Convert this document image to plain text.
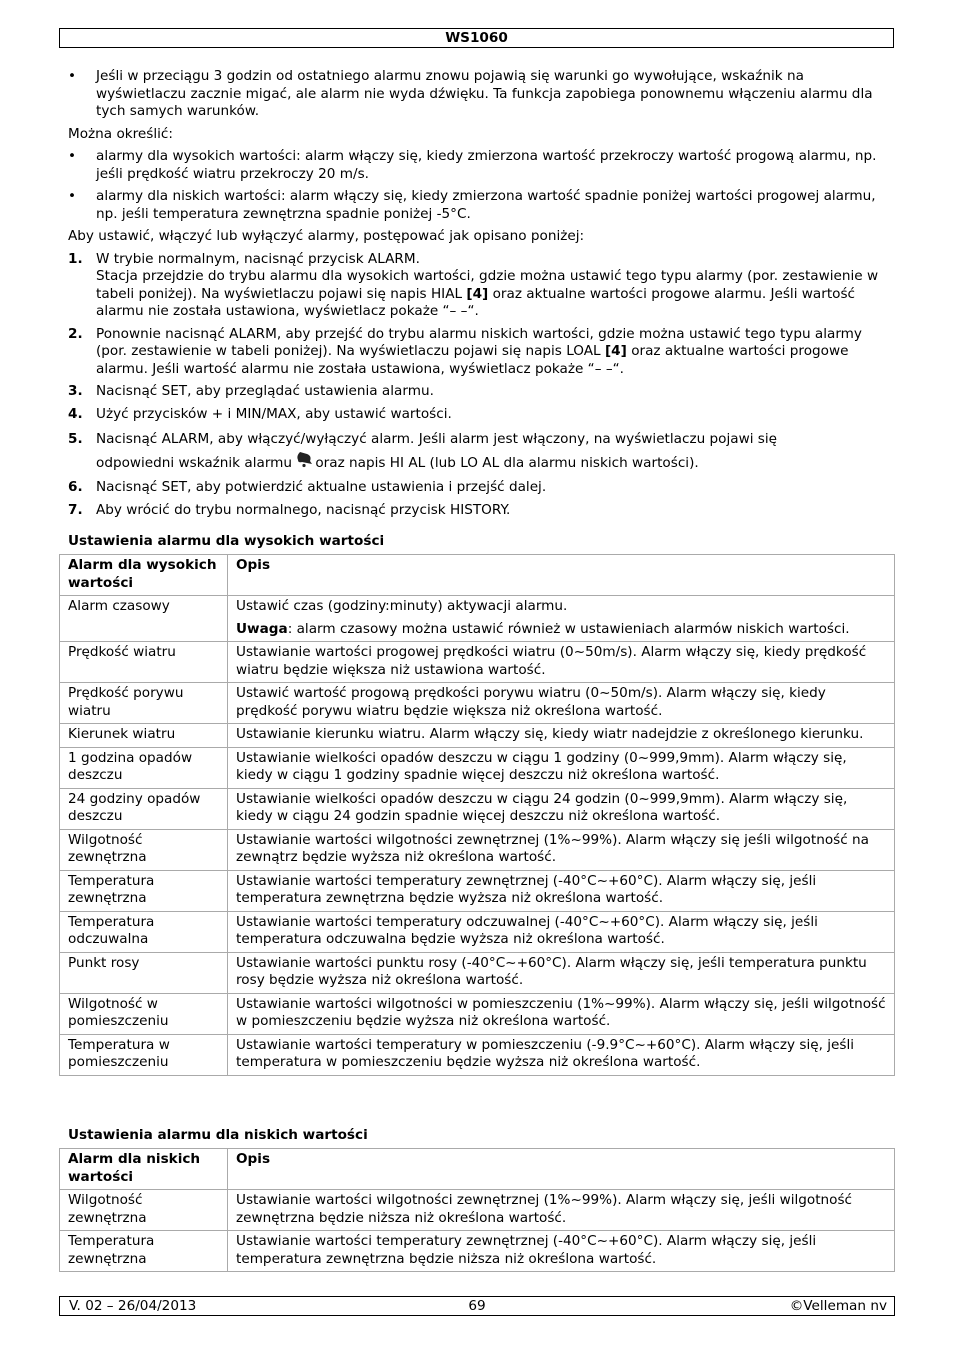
WS1060

• Jeśli w przeciągu 3 godzin od ostatniego alarmu znowu pojawią się warunki go wywołujące, wskaźnik na wyświetlaczu zacznie migać, ale alarm nie wyda dźwięku. Ta funkcja zapobiega ponownemu włączeniu alarmu dla tych samych warunków.

Można określić:

• alarmy dla wysokich wartości: alarm włączy się, kiedy zmierzona wartość przekroczy wartość progową alarmu, np. jeśli prędkość wiatru przekroczy 20 m/s.

• alarmy dla niskich wartości: alarm włączy się, kiedy zmierzona wartość spadnie poniżej wartości progowej alarmu, np. jeśli temperatura zewnętrzna spadnie poniżej -5°C.

Aby ustawić, włączyć lub wyłączyć alarmy, postępować jak opisano poniżej:

1. W trybie normalnym, nacisnąć przycisk ALARM.
Stacja przejdzie do trybu alarmu dla wysokich wartości, gdzie można ustawić tego typu alarmy (por. zestawienie w tabeli poniżej). Na wyświetlaczu pojawi się napis HIAL [4] oraz aktualne wartości progowe alarmu. Jeśli wartość alarmu nie została ustawiona, wyświetlacz pokaże “– –“.
2. Ponownie nacisnąć ALARM, aby przejść do trybu alarmu niskich wartości, gdzie można ustawić tego typu alarmy (por. zestawienie w tabeli poniżej). Na wyświetlaczu pojawi się napis LOAL [4] oraz aktualne wartości progowe alarmu. Jeśli wartość alarmu nie została ustawiona, wyświetlacz pokaże “– –“.
3. Nacisnąć SET, aby przeglądać ustawienia alarmu.
4. Użyć przycisków + i MIN/MAX, aby ustawić wartości.
5. Nacisnąć ALARM, aby włączyć/wyłączyć alarm. Jeśli alarm jest włączony, na wyświetlaczu pojawi się
odpowiedni wskaźnik alarmu oraz napis HI AL (lub LO AL dla alarmu niskich wartości).
6. Nacisnąć SET, aby potwierdzić aktualne ustawienia i przejść dalej.
7. Aby wrócić do trybu normalnego, nacisnąć przycisk HISTORY.
Ustawienia alarmu dla wysokich wartości
Alarm dla wysokich wartości	Opis
Alarm czasowy	Ustawić czas (godziny:minuty) aktywacji alarmu.

Uwaga: alarm czasowy można ustawić również w ustawieniach alarmów niskich wartości.

Prędkość wiatru	Ustawianie wartości progowej prędkości wiatru (0~50m/s). Alarm włączy się, kiedy prędkość wiatru będzie większa niż ustawiona wartość.
Prędkość porywu wiatru	Ustawić wartość progową prędkości porywu wiatru (0~50m/s). Alarm włączy się, kiedy prędkość porywu wiatru będzie większa niż określona wartość.
Kierunek wiatru	Ustawianie kierunku wiatru. Alarm włączy się, kiedy wiatr nadejdzie z określonego kierunku.
1 godzina opadów deszczu	Ustawianie wielkości opadów deszczu w ciągu 1 godziny (0~999,9mm). Alarm włączy się, kiedy w ciągu 1 godziny spadnie więcej deszczu niż określona wartość.
24 godziny opadów deszczu	Ustawianie wielkości opadów deszczu w ciągu 24 godzin (0~999,9mm). Alarm włączy się, kiedy w ciągu 24 godzin spadnie więcej deszczu niż określona wartość.
Wilgotność zewnętrzna	Ustawianie wartości wilgotności zewnętrznej (1%~99%). Alarm włączy się jeśli wilgotność na zewnątrz będzie wyższa niż określona wartość.
Temperatura zewnętrzna	Ustawianie wartości temperatury zewnętrznej (-40°C~+60°C). Alarm włączy się, jeśli temperatura zewnętrzna będzie wyższa niż określona wartość.
Temperatura odczuwalna	Ustawianie wartości temperatury odczuwalnej (-40°C~+60°C). Alarm włączy się, jeśli temperatura odczuwalna będzie wyższa niż określona wartość.
Punkt rosy	Ustawianie wartości punktu rosy (-40°C~+60°C). Alarm włączy się, jeśli temperatura punktu rosy będzie wyższa niż określona wartość.
Wilgotność w pomieszczeniu	Ustawianie wartości wilgotności w pomieszczeniu (1%~99%). Alarm włączy się, jeśli wilgotność w pomieszczeniu będzie wyższa niż określona wartość.
Temperatura w pomieszczeniu	Ustawianie wartości temperatury w pomieszczeniu (-9.9°C~+60°C). Alarm włączy się, jeśli temperatura w pomieszczeniu będzie wyższa niż określona wartość.
Ustawienia alarmu dla niskich wartości
Alarm dla niskich wartości	Opis
Wilgotność zewnętrzna	Ustawianie wartości wilgotności zewnętrznej (1%~99%). Alarm włączy się, jeśli wilgotność zewnętrzna będzie niższa niż określona wartość.
Temperatura zewnętrzna	Ustawianie wartości temperatury zewnętrznej (-40°C~+60°C). Alarm włączy się, jeśli temperatura zewnętrzna będzie niższa niż określona wartość.
V. 02 – 26/04/2013	69	©Velleman nv
